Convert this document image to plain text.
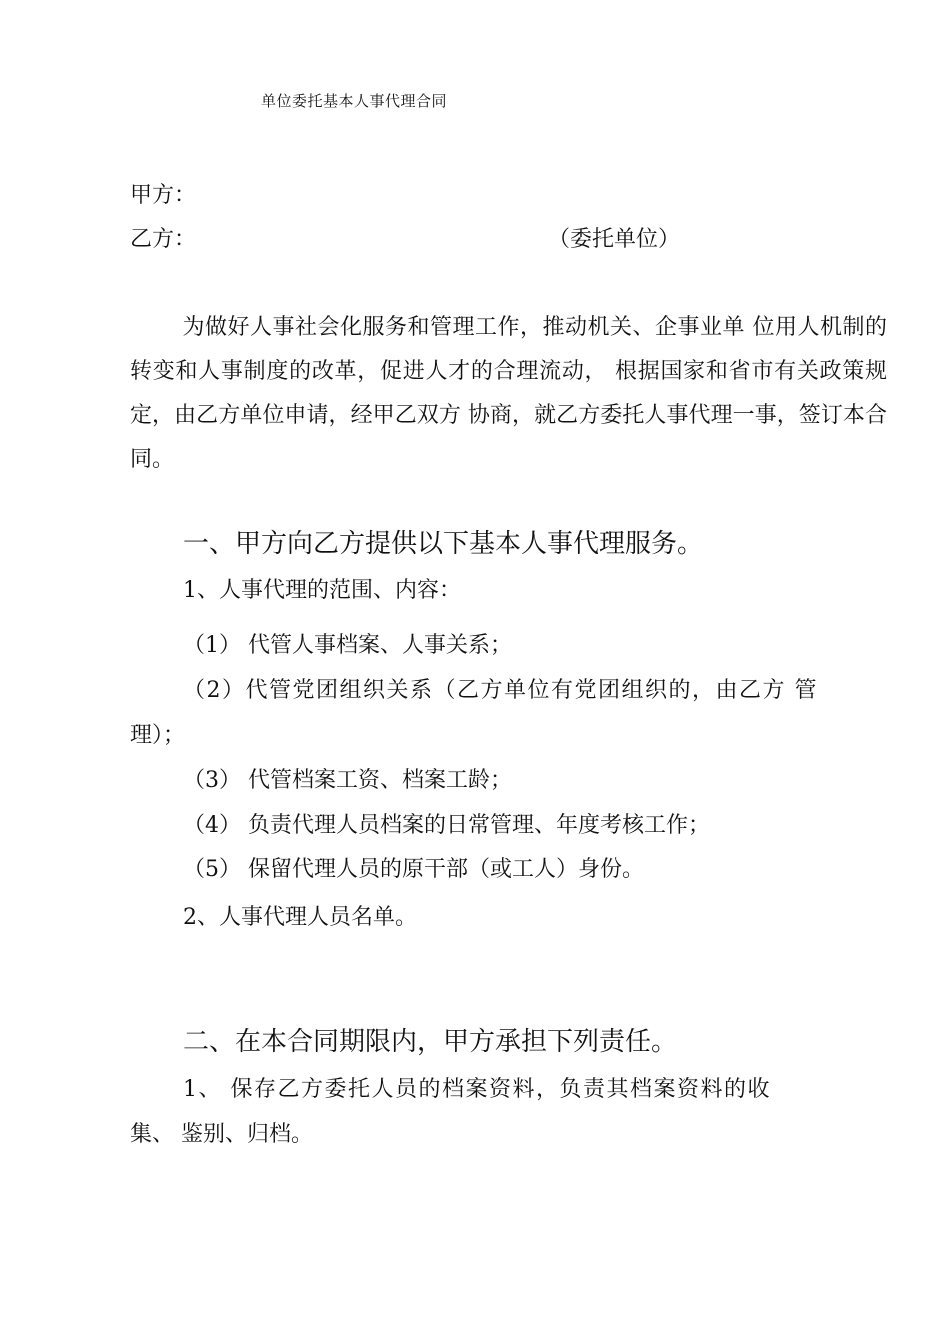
单位委托基本人事代理合同
甲方：
乙方：	（委托单位）
为做好人事社会化服务和管理工作，推动机关、企事业单 位用人机制的转变和人事制度的改革，促进人才的合理流动， 根据国家和省市有关政策规定，由乙方单位申请，经甲乙双方 协商，就乙方委托人事代理一事，签订本合同。
一、甲方向乙方提供以下基本人事代理服务。
1、人事代理的范围、内容：
（1） 代管人事档案、人事关系；
（2）代管党团组织关系（乙方单位有党团组织的，由乙方 管
理）；
（3） 代管档案工资、档案工龄；
（4） 负责代理人员档案的日常管理、年度考核工作；
（5） 保留代理人员的原干部（或工人）身份。
2、人事代理人员名单。
二、在本合同期限内，甲方承担下列责任。
1、 保存乙方委托人员的档案资料，负责其档案资料的收
集、 鉴别、归档。
